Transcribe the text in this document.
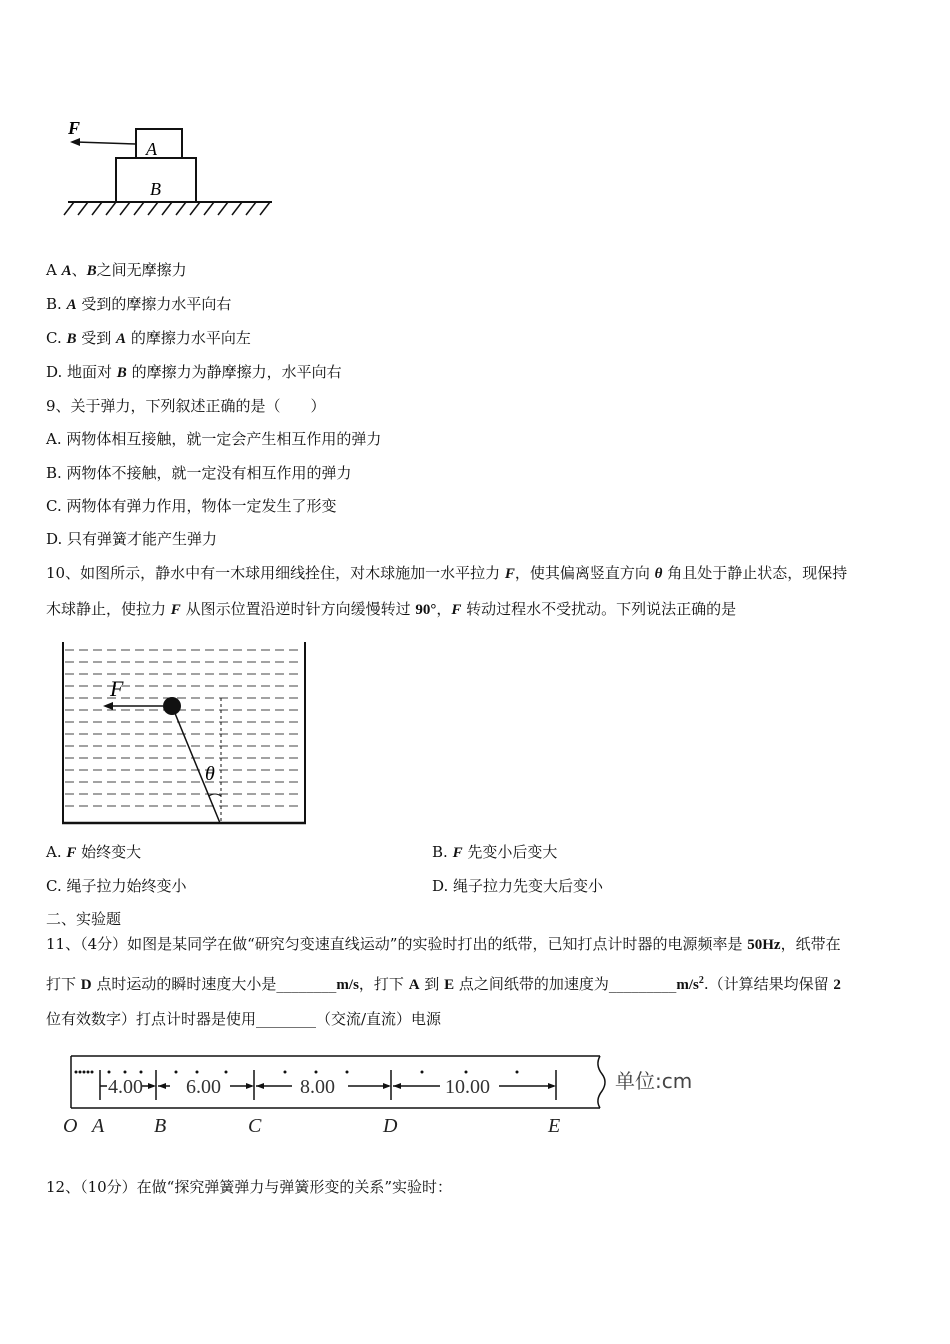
F
A
B
A A、B之间无摩擦力
B. A 受到的摩擦力水平向右
C. B 受到 A 的摩擦力水平向左
D. 地面对 B 的摩擦力为静摩擦力，水平向右
9、关于弹力，下列叙述正确的是（　　）
A. 两物体相互接触，就一定会产生相互作用的弹力
B. 两物体不接触，就一定没有相互作用的弹力
C. 两物体有弹力作用，物体一定发生了形变
D. 只有弹簧才能产生弹力
10、如图所示，静水中有一木球用细线拴住，对木球施加一水平拉力 F，使其偏离竖直方向 θ 角且处于静止状态，现保持
木球静止，使拉力 F 从图示位置沿逆时针方向缓慢转过 90°，F 转动过程水不受扰动。下列说法正确的是
F
θ
A. F 始终变大	B. F 先变小后变大
C. 绳子拉力始终变小	D. 绳子拉力先变大后变小
二、实验题
11、（4分）如图是某同学在做“研究匀变速直线运动”的实验时打出的纸带，已知打点计时器的电源频率是 50Hz，纸带在
打下 D 点时运动的瞬时速度大小是________m/s，打下 A 到 E 点之间纸带的加速度为$\_\_\_\_\_\_\_\_\_m/s^2$.（计算结果均保留 2
位有效数字）打点计时器是使用________（交流/直流）电源
4.00 6.00	8.00	10.00	单位:cm
O A B	C	D	E
12、（10分）在做“探究弹簧弹力与弹簧形变的关系”实验时：
